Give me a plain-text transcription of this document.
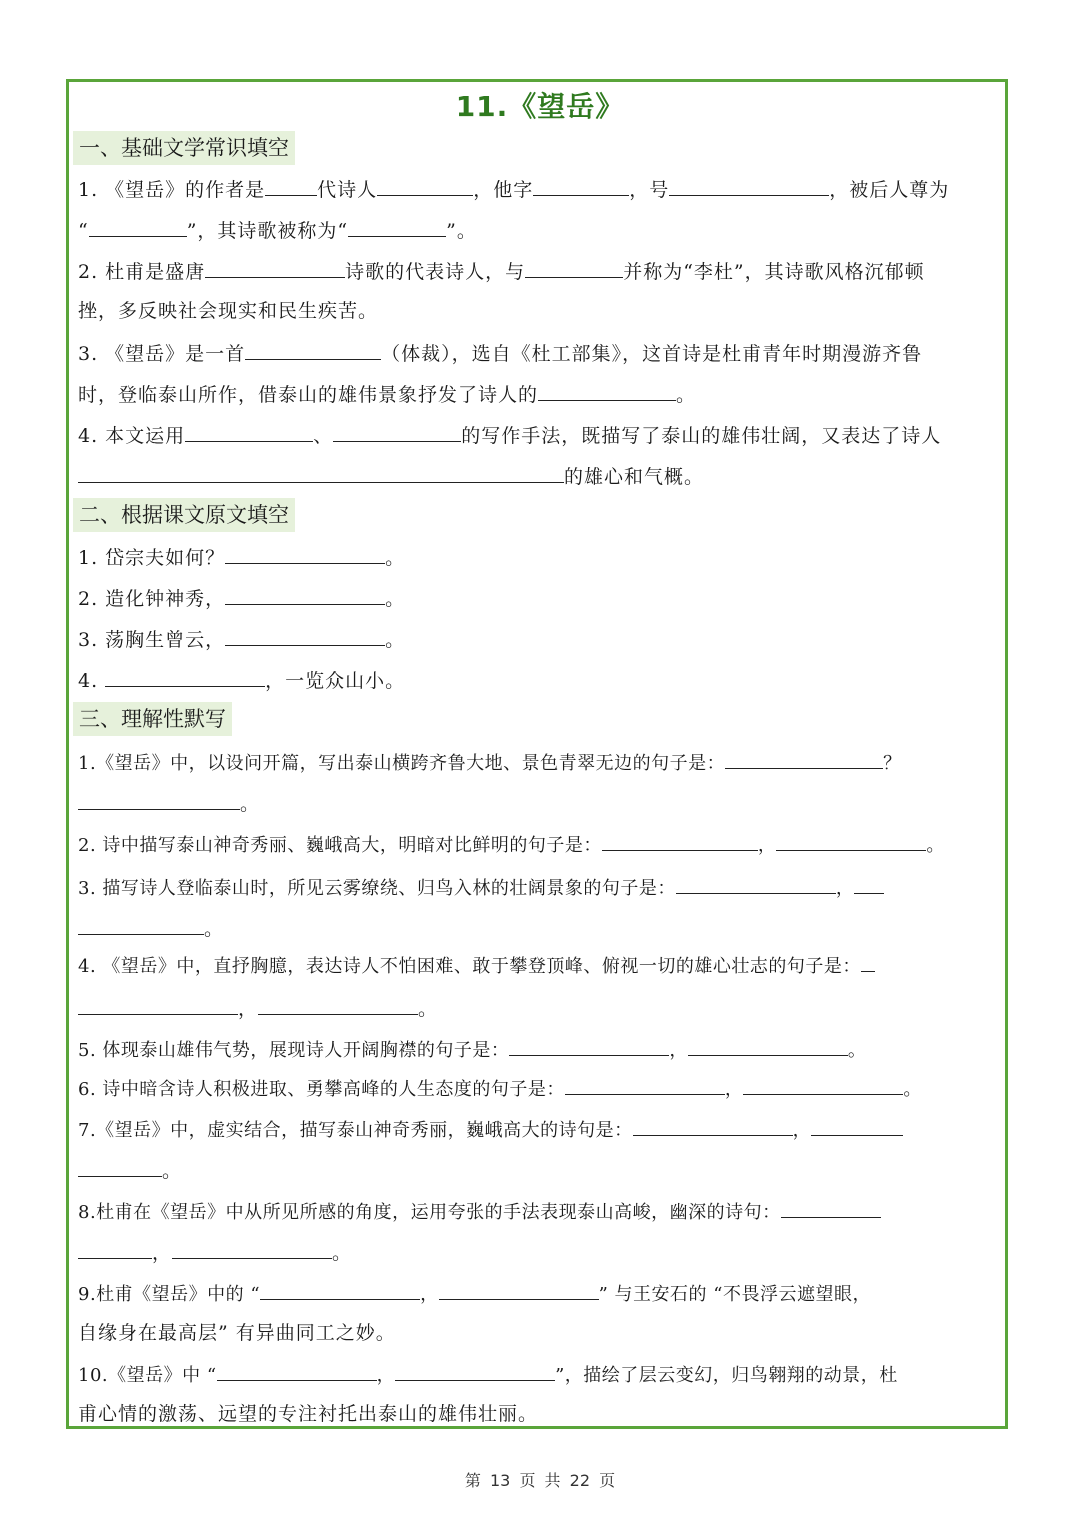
11.《望岳》
一、基础文学常识填空
1. 《望岳》的作者是	代诗人	，他字	，号	，被后人尊为
“	”，其诗歌被称为“	”。
2. 杜甫是盛唐	诗歌的代表诗人，与	并称为“李杜”，其诗歌风格沉郁顿
挫，多反映社会现实和民生疾苦。
3. 《望岳》是一首	（体裁），选自《杜工部集》，这首诗是杜甫青年时期漫游齐鲁
时，登临泰山所作，借泰山的雄伟景象抒发了诗人的	。
4. 本文运用	、	的写作手法，既描写了泰山的雄伟壮阔，又表达了诗人
的雄心和气概。
二、根据课文原文填空
1. 岱宗夫如何？	。
2. 造化钟神秀，	。
3. 荡胸生曾云，	。
4.	，一览众山小。
三、理解性默写
1.《望岳》中，以设问开篇，写出泰山横跨齐鲁大地、景色青翠无边的句子是：	？
。
2. 诗中描写泰山神奇秀丽、巍峨高大，明暗对比鲜明的句子是：	，	。
3. 描写诗人登临泰山时，所见云雾缭绕、归鸟入林的壮阔景象的句子是：	，
。
4. 《望岳》中，直抒胸臆，表达诗人不怕困难、敢于攀登顶峰、俯视一切的雄心壮志的句子是：
，	。
5. 体现泰山雄伟气势，展现诗人开阔胸襟的句子是：	，	。
6. 诗中暗含诗人积极进取、勇攀高峰的人生态度的句子是：	，	。
7.《望岳》中，虚实结合，描写泰山神奇秀丽，巍峨高大的诗句是：	，
。
8.杜甫在《望岳》中从所见所感的角度，运用夸张的手法表现泰山高峻，幽深的诗句：
，	。
9.杜甫《望岳》中的 “	，	” 与王安石的 “不畏浮云遮望眼，
自缘身在最高层” 有异曲同工之妙。
10.《望岳》中 “	，	”，描绘了层云变幻，归鸟翱翔的动景，杜
甫心情的激荡、远望的专注衬托出泰山的雄伟壮丽。
第 13 页 共 22 页
